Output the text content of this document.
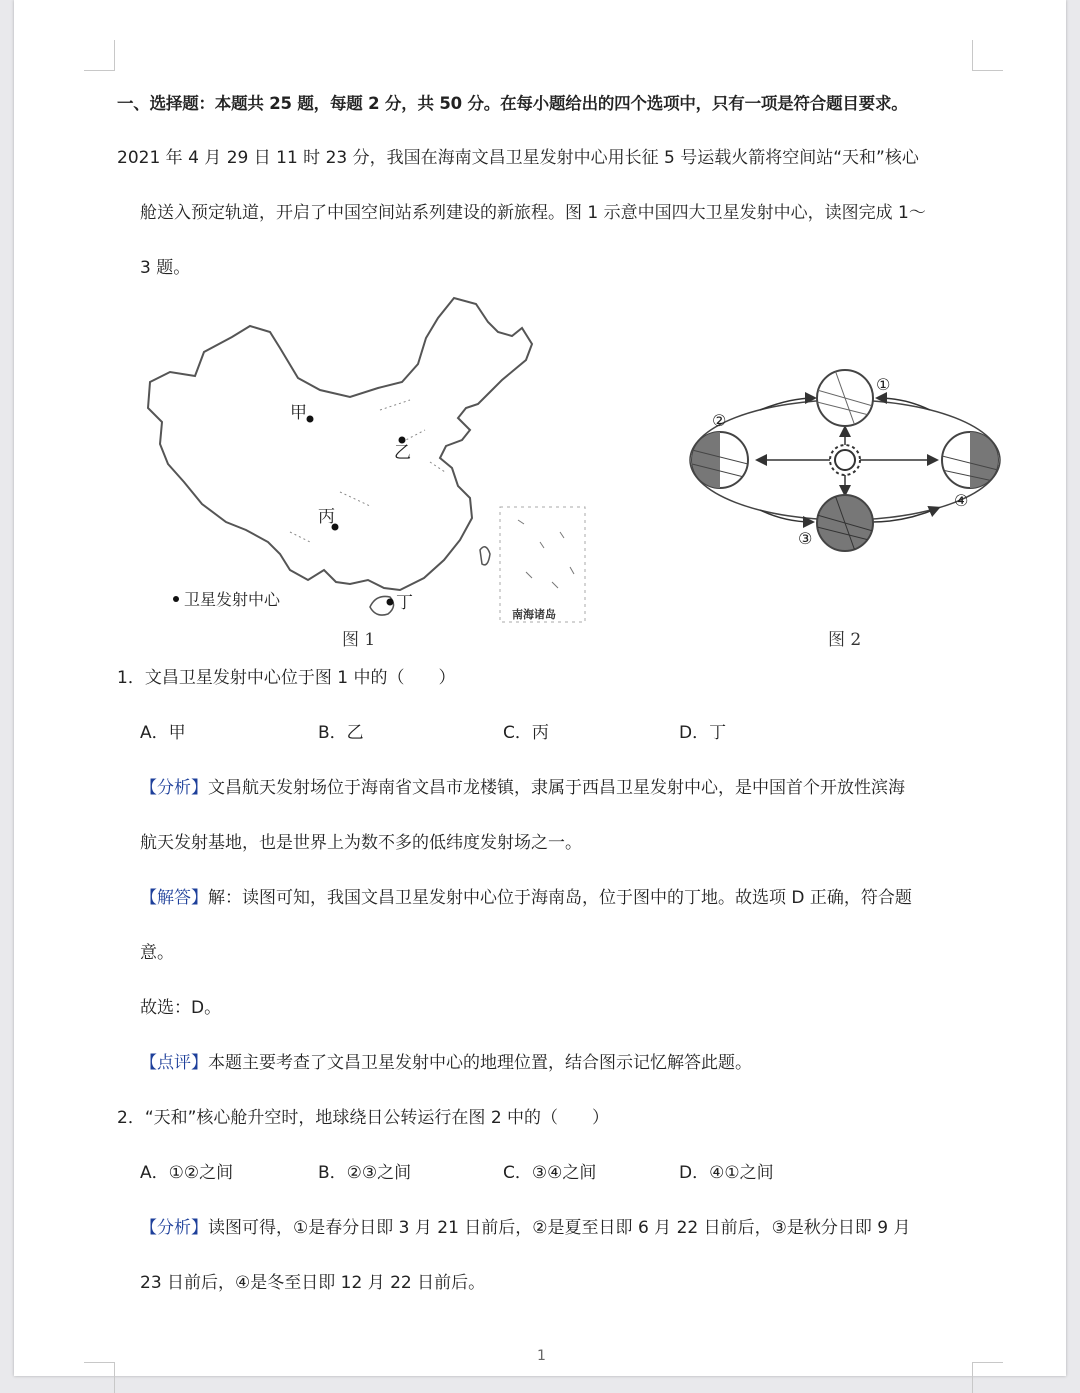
一、选择题：本题共 25 题，每题 2 分，共 50 分。在每小题给出的四个选项中，只有一项是符合题目要求。
2021 年 4 月 29 日 11 时 23 分，我国在海南文昌卫星发射中心用长征 5 号运载火箭将空间站“天和”核心
舱送入预定轨道，开启了中国空间站系列建设的新旅程。图 1 示意中国四大卫星发射中心，读图完成 1～
3 题。
甲
乙
丙
丁
卫星发射中心
南海诸岛
图 1
①
②
③
④
图 2
1．文昌卫星发射中心位于图 1 中的（　　）
A．甲	B．乙	C．丙	D．丁
【分析】文昌航天发射场位于海南省文昌市龙楼镇，隶属于西昌卫星发射中心，是中国首个开放性滨海
航天发射基地，也是世界上为数不多的低纬度发射场之一。
【解答】解：读图可知，我国文昌卫星发射中心位于海南岛，位于图中的丁地。故选项 D 正确，符合题
意。
故选：D。
【点评】本题主要考查了文昌卫星发射中心的地理位置，结合图示记忆解答此题。
2．“天和”核心舱升空时，地球绕日公转运行在图 2 中的（　　）
A．①②之间	B．②③之间	C．③④之间	D．④①之间
【分析】读图可得，①是春分日即 3 月 21 日前后，②是夏至日即 6 月 22 日前后，③是秋分日即 9 月
23 日前后，④是冬至日即 12 月 22 日前后。
1
